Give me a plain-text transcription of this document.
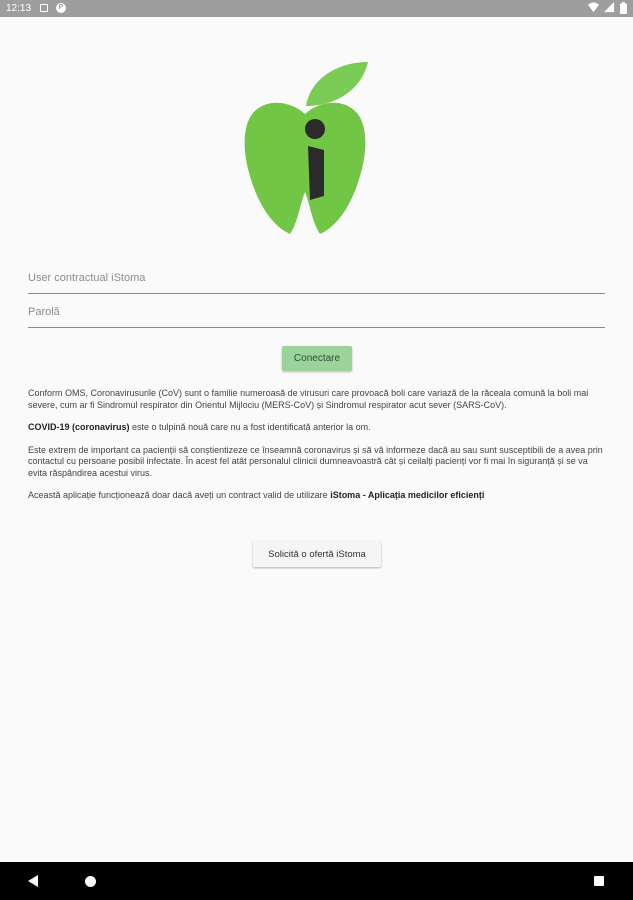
12:13	P

User contractual iStoma
Conectare

Conform OMS, Coronavirusurile (CoV) sunt o familie numeroasă de virusuri care provoacă boli care variază de la răceala comună la boli mai severe, cum ar fi Sindromul respirator din Orientul Mijlociu (MERS-CoV) și Sindromul respirator acut sever (SARS-CoV).

COVID-19 (coronavirus) este o tulpină nouă care nu a fost identificată anterior la om.

Este extrem de important ca pacienții să conștientizeze ce înseamnă coronavirus și să vă informeze dacă au sau sunt susceptibili de a avea prin contactul cu persoane posibil infectate. În acest fel atât personalul clinicii dumneavoastră cât și ceilalți pacienți vor fi mai în siguranță și se va evita răspândirea acestui virus.

Această aplicație funcționează doar dacă aveți un contract valid de utilizare iStoma - Aplicația medicilor eficienți

Solicită o ofertă iStoma
